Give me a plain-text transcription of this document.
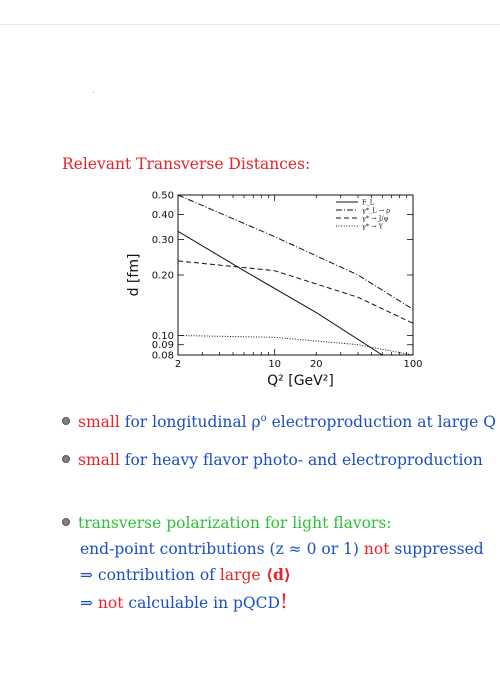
Relevant Transverse Distances:
2	10	20	100
0.50
0.40
0.30
0.20
0.10
0.09
0.08
Q² [GeV²]
d [fm]
F_L
γ*_L → ρ
γ* → J/ψ
γ* → Υ
small for longitudinal $\rho^o$ electroproduction at large Q
small for heavy flavor photo- and electroproduction
transverse polarization for light flavors:
end-point contributions (z ≈ 0 or 1) not suppressed
⇒ contribution of large ⟨d⟩
⇒ not calculable in pQCD!
